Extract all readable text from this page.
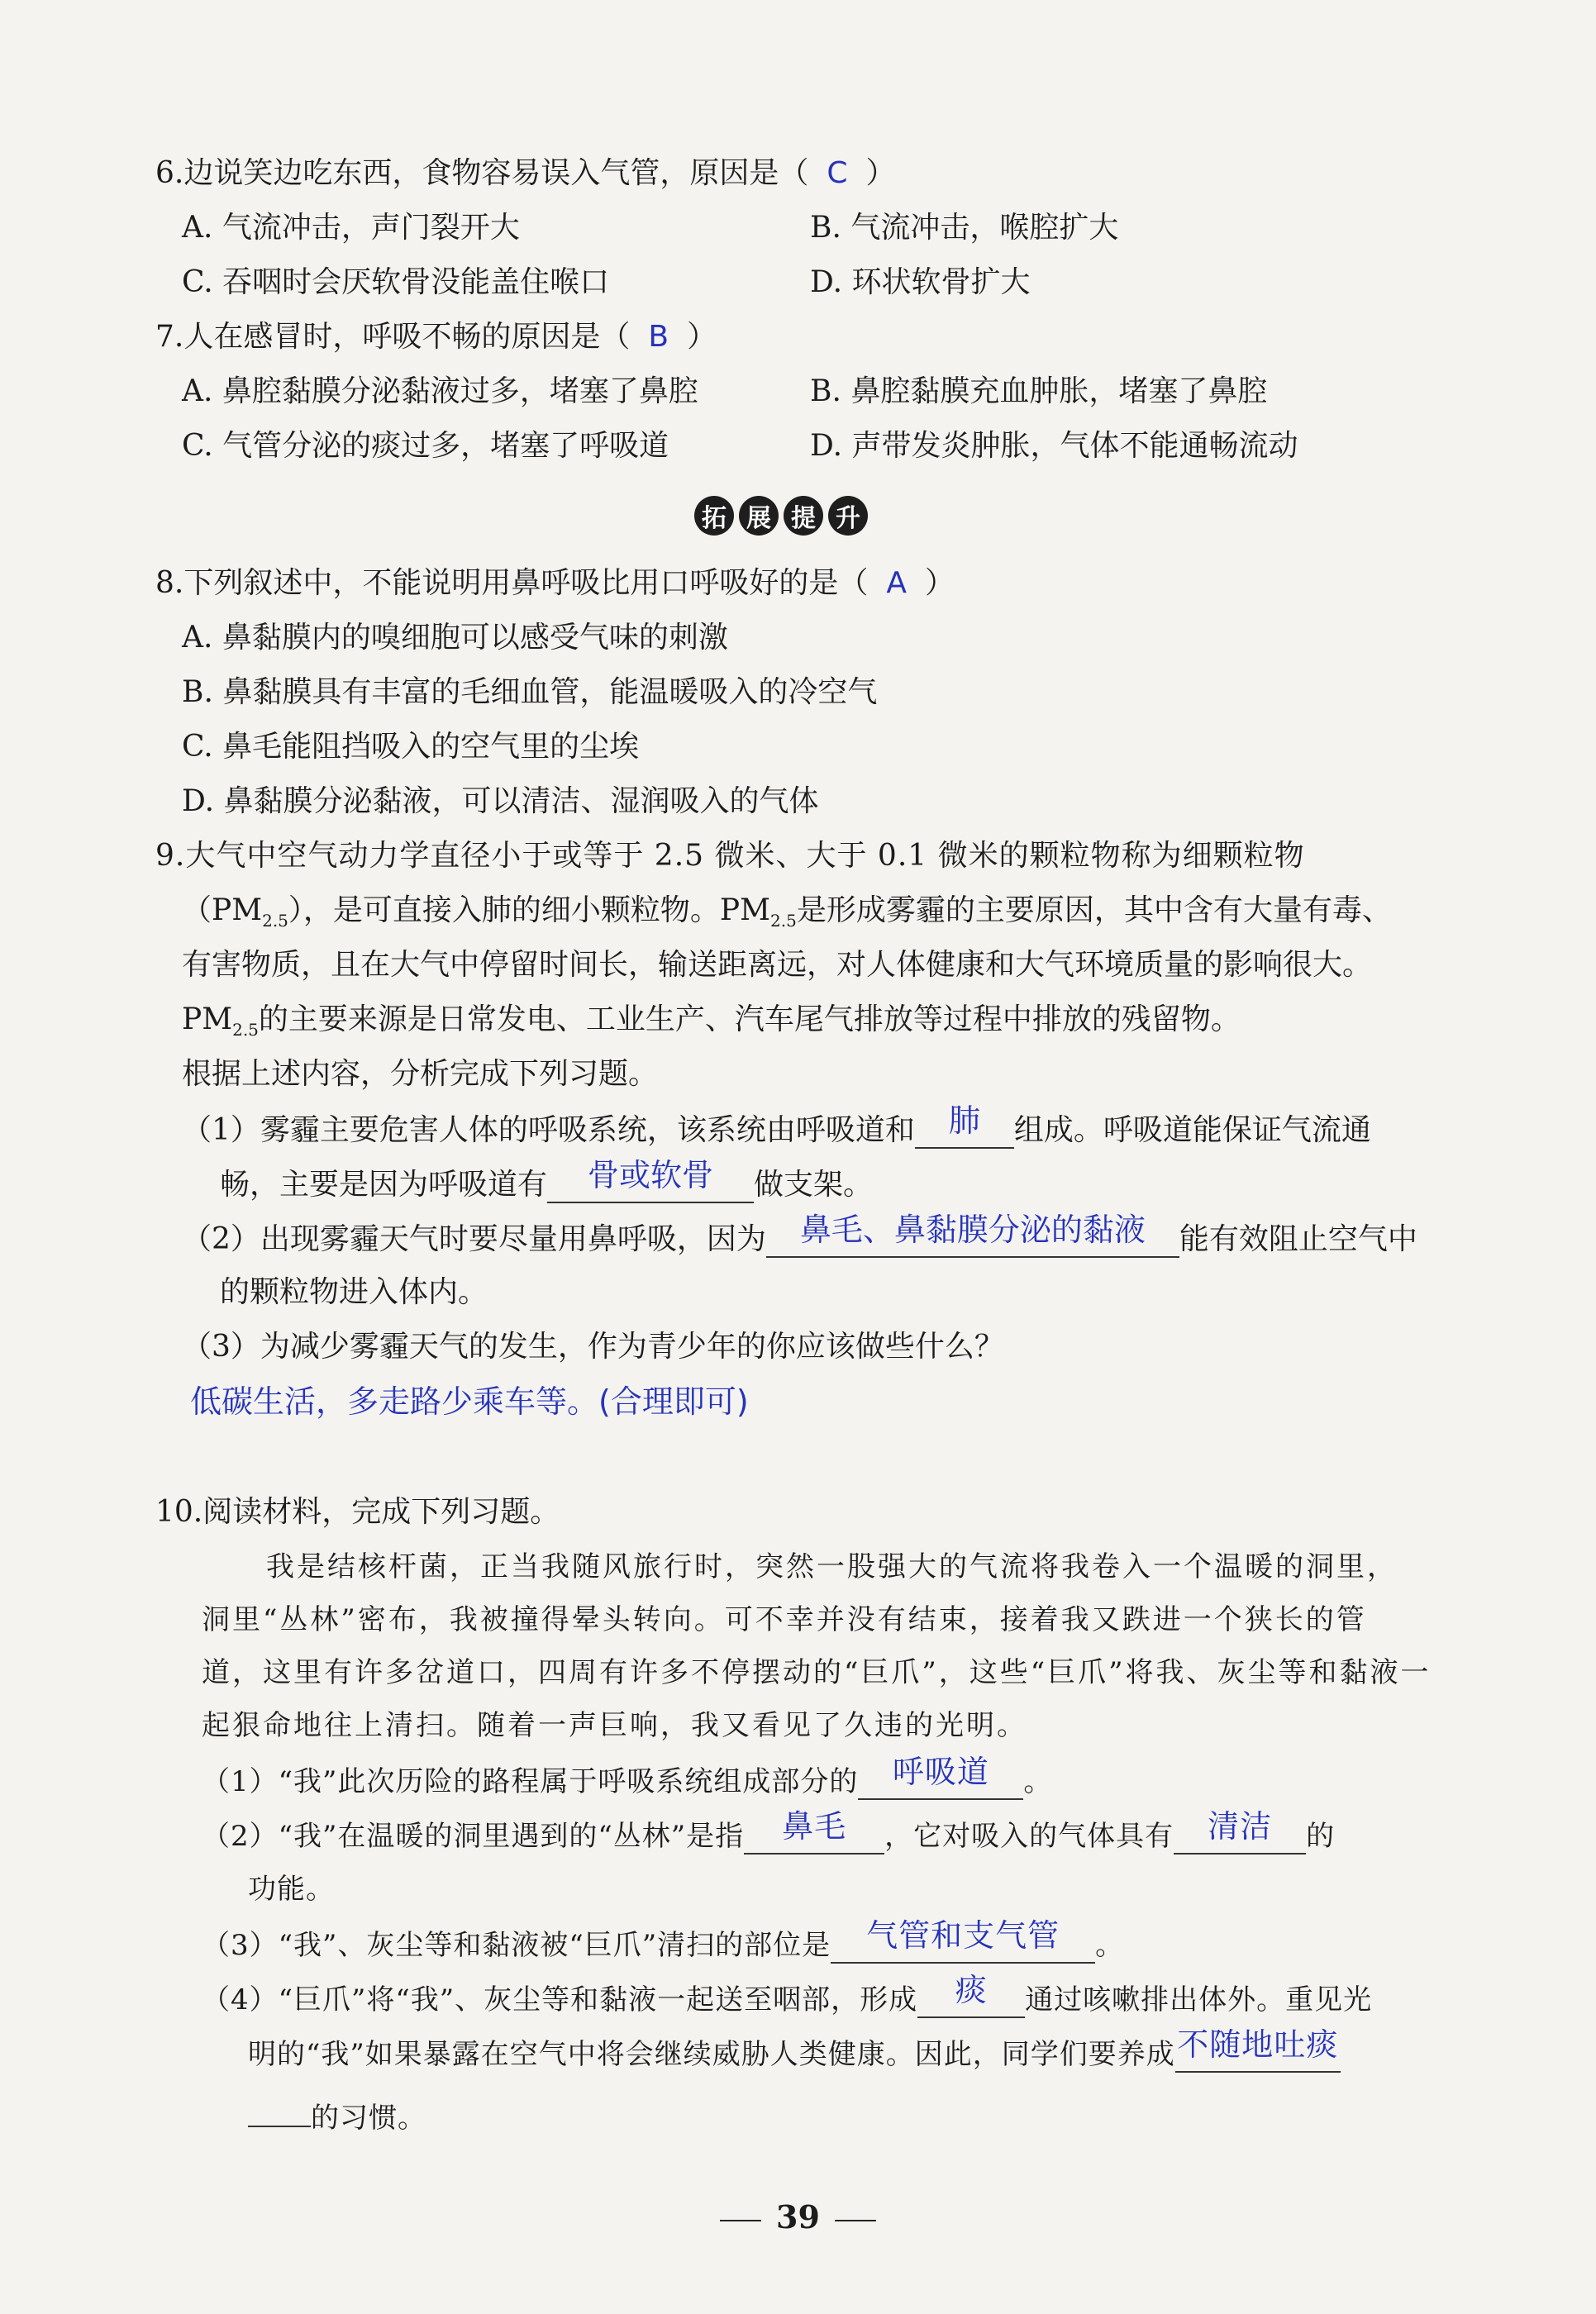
6.边说笑边吃东西，食物容易误入气管，原因是（ C ）
A. 气流冲击，声门裂开大	B. 气流冲击，喉腔扩大
C. 吞咽时会厌软骨没能盖住喉口	D. 环状软骨扩大
7.人在感冒时，呼吸不畅的原因是（ B ）
A. 鼻腔黏膜分泌黏液过多，堵塞了鼻腔	B. 鼻腔黏膜充血肿胀，堵塞了鼻腔
C. 气管分泌的痰过多，堵塞了呼吸道	D. 声带发炎肿胀，气体不能通畅流动
拓 展 提 升
8.下列叙述中，不能说明用鼻呼吸比用口呼吸好的是（ A ）
A. 鼻黏膜内的嗅细胞可以感受气味的刺激
B. 鼻黏膜具有丰富的毛细血管，能温暖吸入的冷空气
C. 鼻毛能阻挡吸入的空气里的尘埃
D. 鼻黏膜分泌黏液，可以清洁、湿润吸入的气体
9.大气中空气动力学直径小于或等于 2.5 微米、大于 0.1 微米的颗粒物称为细颗粒物
$(PM_{2.5})$，是可直接入肺的细小颗粒物。$PM_{2.5}$是形成雾霾的主要原因，其中含有大量有毒、
有害物质，且在大气中停留时间长，输送距离远，对人体健康和大气环境质量的影响很大。
$PM_{2.5}$的主要来源是日常发电、工业生产、汽车尾气排放等过程中排放的残留物。
根据上述内容，分析完成下列习题。
（1）雾霾主要危害人体的呼吸系统，该系统由呼吸道和 肺 组成。呼吸道能保证气流通
畅，主要是因为呼吸道有 骨或软骨 做支架。
（2）出现雾霾天气时要尽量用鼻呼吸，因为 鼻毛、鼻黏膜分泌的黏液 能有效阻止空气中
的颗粒物进入体内。
（3）为减少雾霾天气的发生，作为青少年的你应该做些什么？
低碳生活，多走路少乘车等。(合理即可)
10.阅读材料，完成下列习题。
我是结核杆菌，正当我随风旅行时，突然一股强大的气流将我卷入一个温暖的洞里，
洞里“丛林”密布，我被撞得晕头转向。可不幸并没有结束，接着我又跌进一个狭长的管
道，这里有许多岔道口，四周有许多不停摆动的“巨爪”，这些“巨爪”将我、灰尘等和黏液一
起狠命地往上清扫。随着一声巨响，我又看见了久违的光明。
（1）“我”此次历险的路程属于呼吸系统组成部分的 呼吸道 。
（2）“我”在温暖的洞里遇到的“丛林”是指 鼻毛 ，它对吸入的气体具有 清洁 的
功能。
（3）“我”、灰尘等和黏液被“巨爪”清扫的部位是 气管和支气管 。
（4）“巨爪”将“我”、灰尘等和黏液一起送至咽部，形成 痰 通过咳嗽排出体外。重见光
明的“我”如果暴露在空气中将会继续威胁人类健康。因此，同学们要养成不随地吐痰
的习惯。
39
